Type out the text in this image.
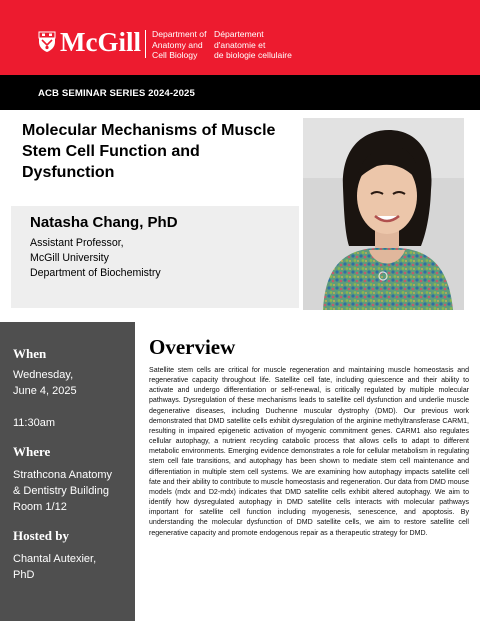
McGill Department of
Anatomy and
Cell Biology
Département
d'anatomie et
de biologie cellulaire
ACB SEMINAR SERIES 2024-2025
Molecular Mechanisms of Muscle Stem Cell Function and Dysfunction
Natasha Chang, PhD
Assistant Professor,
McGill University
Department of Biochemistry
When
Wednesday,
June 4, 2025
11:30am
Where
Strathcona Anatomy
& Dentistry Building
Room 1/12
Hosted by
Chantal Autexier,
PhD
Overview
Satellite stem cells are critical for muscle regeneration and maintaining muscle homeostasis and regenerative capacity throughout life. Satellite cell fate, including quiescence and their ability to activate and undergo differentiation or self-renewal, is critically regulated by multiple molecular pathways. Dysregulation of these mechanisms leads to satellite cell dysfunction and underlie muscle degenerative diseases, including Duchenne muscular dystrophy (DMD). Our previous work demonstrated that DMD satellite cells exhibit dysregulation of the arginine methyltransferase CARM1, resulting in impaired epigenetic activation of myogenic commitment genes. CARM1 also regulates cellular autophagy, a nutrient recycling catabolic process that allows cells to adapt to different metabolic environments. Emerging evidence demonstrates a role for cellular metabolism in regulating stem cell fate transitions, and autophagy has been shown to mediate stem cell maintenance and differentiation in multiple stem cell systems. We are examining how autophagy impacts satellite cell fate and their ability to contribute to muscle homeostasis and regeneration. Our data from DMD mouse models (mdx and D2-mdx) indicates that DMD satellite cells exhibit altered autophagy. We aim to identify how dysregulated autophagy in DMD satellite cells interacts with molecular pathways important for satellite cell function including myogenesis, senescence, and apoptosis. By understanding the molecular dysfunction of DMD satellite cells, we aim to restore satellite cell regenerative capacity and promote endogenous repair as a therapeutic strategy for DMD.
